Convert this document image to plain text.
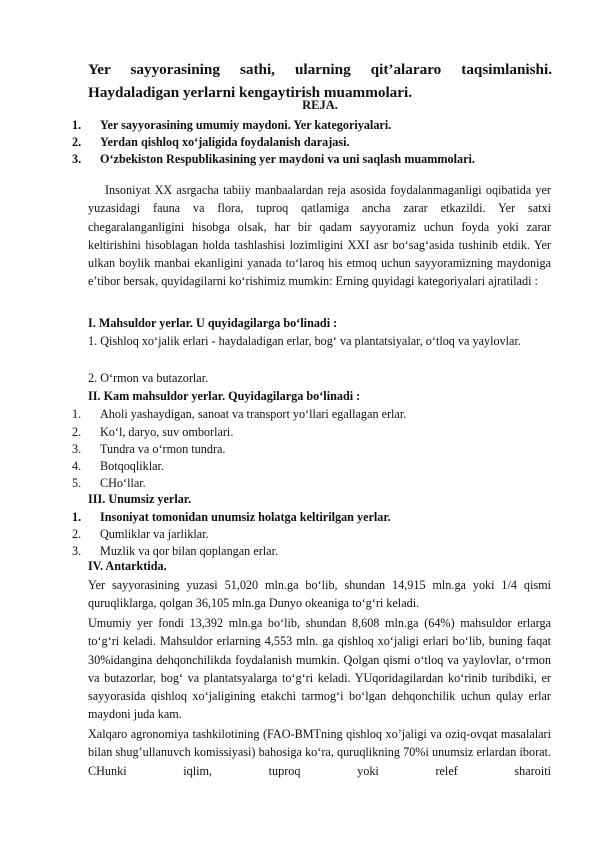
Yer sayyorasining sathi, ularning qit’alararo taqsimlanishi. Haydaladigan yerlarni kengaytirish muammolari.
REJA.
1. Yer sayyorasining umumiy maydoni. Yer kategoriyalari.
2. Yerdan qishloq xo‘jaligida foydalanish darajasi.
3. O‘zbekiston Respublikasining yer maydoni va uni saqlash muammolari.
Insoniyat XX asrgacha tabiiy manbaalardan reja asosida foydalanmaganligi oqibatida yer yuzasidagi fauna va flora, tuproq qatlamiga ancha zarar etkazildi. Yer satxi chegaralanganligini hisobga olsak, har bir qadam sayyoramiz uchun foyda yoki zarar keltirishini hisoblagan holda tashlashisi lozimligini XXI asr bo‘sag‘asida tushinib etdik. Yer ulkan boylik manbai ekanligini yanada to‘laroq his etmoq uchun sayyoramizning maydoniga e’tibor bersak, quyidagilarni ko‘rishimiz mumkin: Erning quyidagi kategoriyalari ajratiladi :
I. Mahsuldor yerlar. U quyidagilarga bo‘linadi :
1. Qishloq xo‘jalik erlari - haydaladigan erlar, bog‘ va plantatsiyalar, o‘tloq va yaylovlar.
2. O‘rmon va butazorlar.
II. Kam mahsuldor yerlar. Quyidagilarga bo‘linadi :
1. Aholi yashaydigan, sanoat va transport yo‘llari egallagan erlar.
2. Ko‘l, daryo, suv omborlari.
3. Tundra va o‘rmon tundra.
4. Botqoqliklar.
5. CHo‘llar.
III. Unumsiz yerlar.
1. Insoniyat tomonidan unumsiz holatga keltirilgan yerlar.
2. Qumliklar va jarliklar.
3. Muzlik va qor bilan qoplangan erlar.
IV. Antarktida.
Yer sayyorasining yuzasi 51,020 mln.ga bo‘lib, shundan 14,915 mln.ga yoki 1/4 qismi quruqliklarga, qolgan 36,105 mln.ga Dunyo okeaniga to‘g‘ri keladi.
Umumiy yer fondi 13,392 mln.ga bo‘lib, shundan 8,608 mln.ga (64%) mahsuldor erlarga to‘g‘ri keladi. Mahsuldor erlarning 4,553 mln. ga qishloq xo‘jaligi erlari bo‘lib, buning faqat 30%idangina dehqonchilikda foydalanish mumkin. Qolgan qismi o‘tloq va yaylovlar, o‘rmon va butazorlar, bog‘ va plantatsyalarga to‘g‘ri keladi. YUqoridagilardan ko‘rinib turibdiki, er sayyorasida qishloq xo‘jaligining etakchi tarmog‘i bo‘lgan dehqonchilik uchun qulay erlar maydoni juda kam.
Xalqaro agronomiya tashkilotining (FAO-BMTning qishloq xo’jaligi va oziq-ovqat masalalari bilan shug’ullanuvch komissiyasi) bahosiga ko‘ra, quruqlikning 70%i unumsiz erlardan iborat. CHunki iqlim, tuproq yoki relef sharoiti
